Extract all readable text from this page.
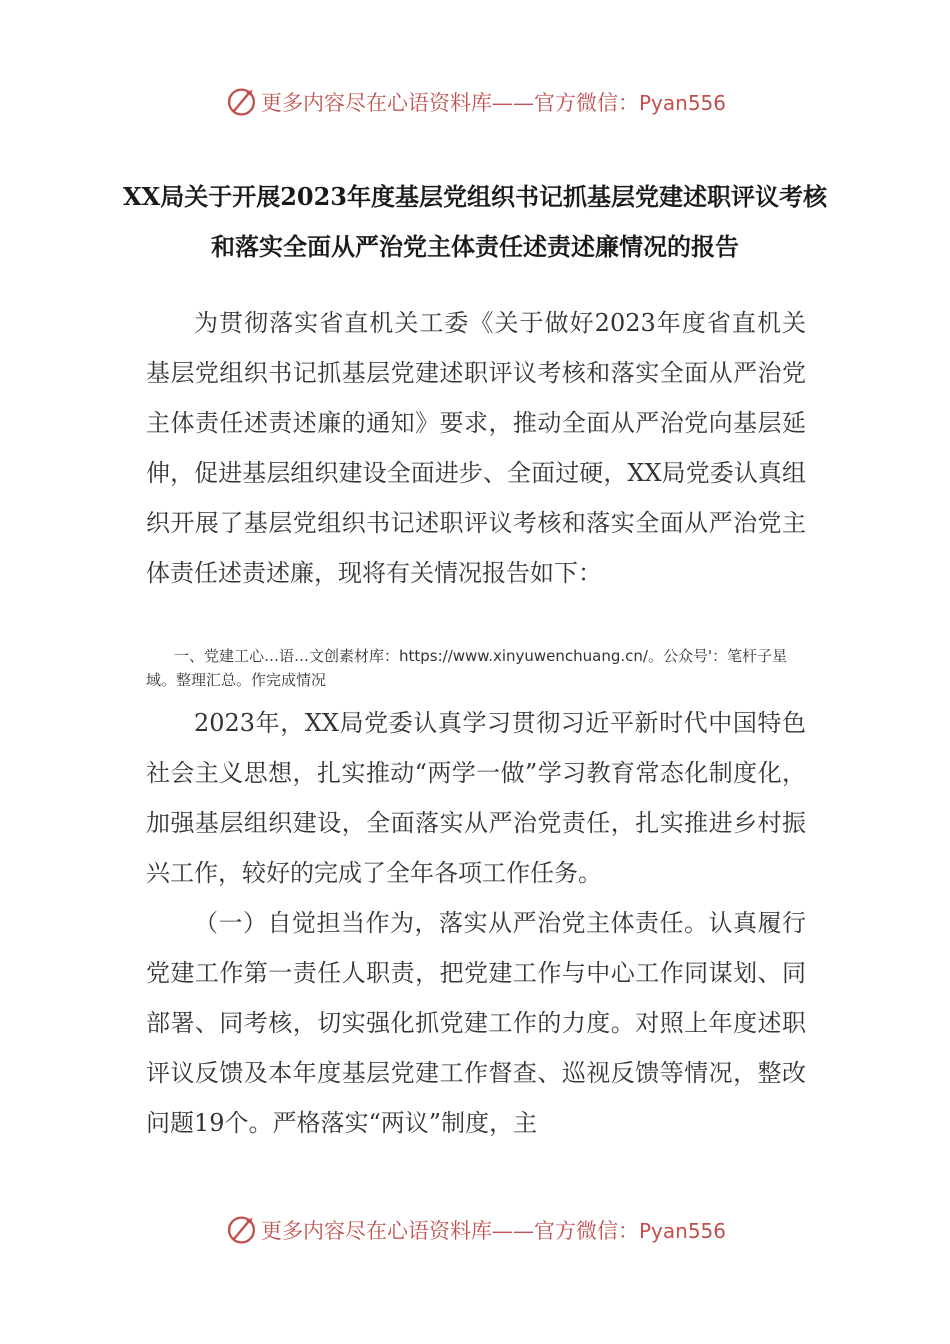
更多内容尽在心语资料库——官方微信：Pyan556
XX局关于开展2023年度基层党组织书记抓基层党建述职评议考核和落实全面从严治党主体责任述责述廉情况的报告

为贯彻落实省直机关工委《关于做好2023年度省直机关基层党组织书记抓基层党建述职评议考核和落实全面从严治党主体责任述责述廉的通知》要求，推动全面从严治党向基层延伸，促进基层组织建设全面进步、全面过硬，XX局党委认真组织开展了基层党组织书记述职评议考核和落实全面从严治党主体责任述责述廉，现将有关情况报告如下：

一、党建工心…语…文创素材库：https://www.xinyuwenchuang.cn/。公众号'：笔杆子星域。整理汇总。作完成情况

2023年，XX局党委认真学习贯彻习近平新时代中国特色社会主义思想，扎实推动“两学一做”学习教育常态化制度化，加强基层组织建设，全面落实从严治党责任，扎实推进乡村振兴工作，较好的完成了全年各项工作任务。

（一）自觉担当作为，落实从严治党主体责任。认真履行党建工作第一责任人职责，把党建工作与中心工作同谋划、同部署、同考核，切实强化抓党建工作的力度。对照上年度述职评议反馈及本年度基层党建工作督查、巡视反馈等情况，整改问题19个。严格落实“两议”制度，主

更多内容尽在心语资料库——官方微信：Pyan556
